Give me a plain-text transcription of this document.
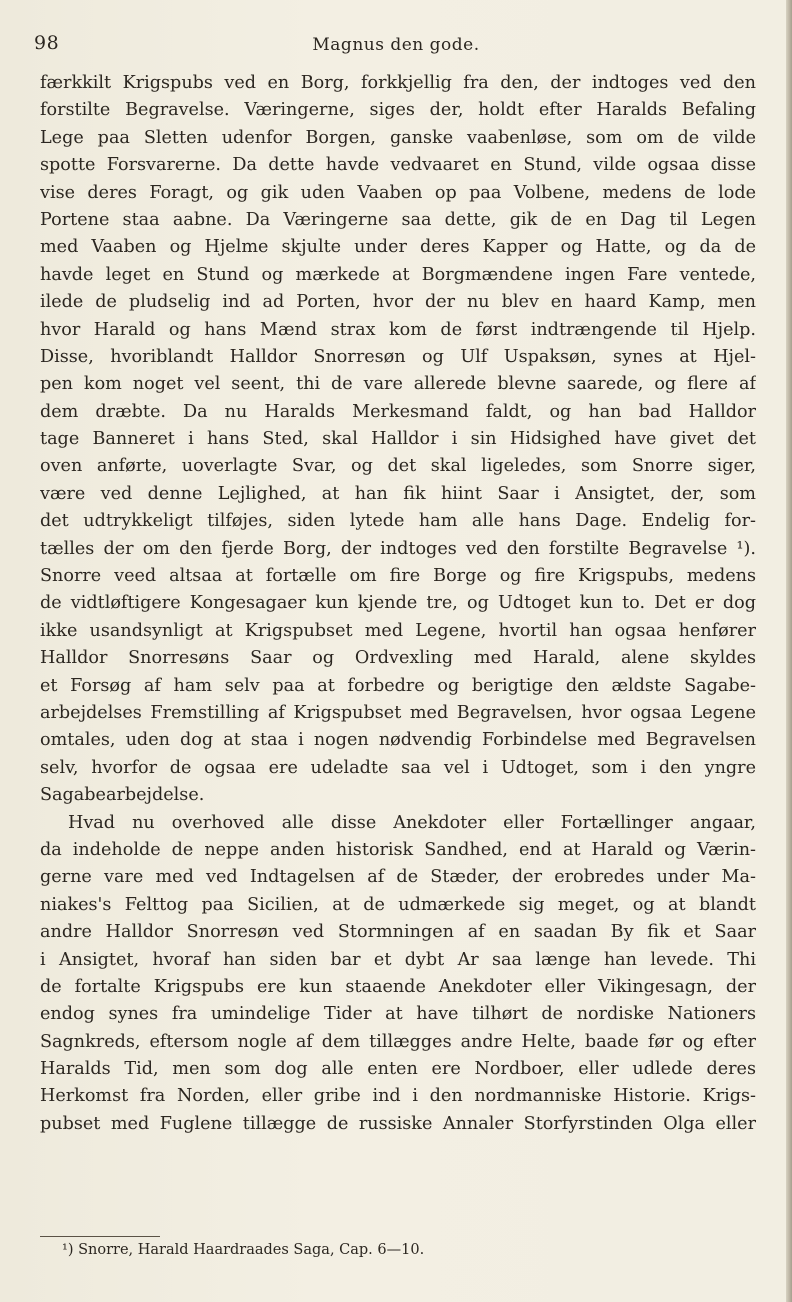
98	Magnus den gode.
færkkilt Krigspubs ved en Borg, forkkjellig fra den, der indtoges ved den
forstilte Begravelse. Væringerne, siges der, holdt efter Haralds Befaling
Lege paa Sletten udenfor Borgen, ganske vaabenløse, som om de vilde
spotte Forsvarerne. Da dette havde vedvaaret en Stund, vilde ogsaa disse
vise deres Foragt, og gik uden Vaaben op paa Volbene, medens de lode
Portene staa aabne. Da Væringerne saa dette, gik de en Dag til Legen
med Vaaben og Hjelme skjulte under deres Kapper og Hatte, og da de
havde leget en Stund og mærkede at Borgmændene ingen Fare ventede,
ilede de pludselig ind ad Porten, hvor der nu blev en haard Kamp, men
hvor Harald og hans Mænd strax kom de først indtrængende til Hjelp.
Disse, hvoriblandt Halldor Snorresøn og Ulf Uspaksøn, synes at Hjel-
pen kom noget vel seent, thi de vare allerede blevne saarede, og flere af
dem dræbte. Da nu Haralds Merkesmand faldt, og han bad Halldor
tage Banneret i hans Sted, skal Halldor i sin Hidsighed have givet det
oven anførte, uoverlagte Svar, og det skal ligeledes, som Snorre siger,
være ved denne Lejlighed, at han fik hiint Saar i Ansigtet, der, som
det udtrykkeligt tilføjes, siden lytede ham alle hans Dage. Endelig for-
tælles der om den fjerde Borg, der indtoges ved den forstilte Begravelse ¹).
Snorre veed altsaa at fortælle om fire Borge og fire Krigspubs, medens
de vidtløftigere Kongesagaer kun kjende tre, og Udtoget kun to. Det er dog
ikke usandsynligt at Krigspubset med Legene, hvortil han ogsaa henfører
Halldor Snorresøns Saar og Ordvexling med Harald, alene skyldes
et Forsøg af ham selv paa at forbedre og berigtige den ældste Sagabe-
arbejdelses Fremstilling af Krigspubset med Begravelsen, hvor ogsaa Legene
omtales, uden dog at staa i nogen nødvendig Forbindelse med Begravelsen
selv, hvorfor de ogsaa ere udeladte saa vel i Udtoget, som i den yngre
Sagabearbejdelse.
Hvad nu overhoved alle disse Anekdoter eller Fortællinger angaar,
da indeholde de neppe anden historisk Sandhed, end at Harald og Værin-
gerne vare med ved Indtagelsen af de Stæder, der erobredes under Ma-
niakes's Felttog paa Sicilien, at de udmærkede sig meget, og at blandt
andre Halldor Snorresøn ved Stormningen af en saadan By fik et Saar
i Ansigtet, hvoraf han siden bar et dybt Ar saa længe han levede. Thi
de fortalte Krigspubs ere kun staaende Anekdoter eller Vikingesagn, der
endog synes fra umindelige Tider at have tilhørt de nordiske Nationers
Sagnkreds, eftersom nogle af dem tillægges andre Helte, baade før og efter
Haralds Tid, men som dog alle enten ere Nordboer, eller udlede deres
Herkomst fra Norden, eller gribe ind i den nordmanniske Historie. Krigs-
pubset med Fuglene tillægge de russiske Annaler Storfyrstinden Olga eller
¹) Snorre, Harald Haardraades Saga, Cap. 6—10.
